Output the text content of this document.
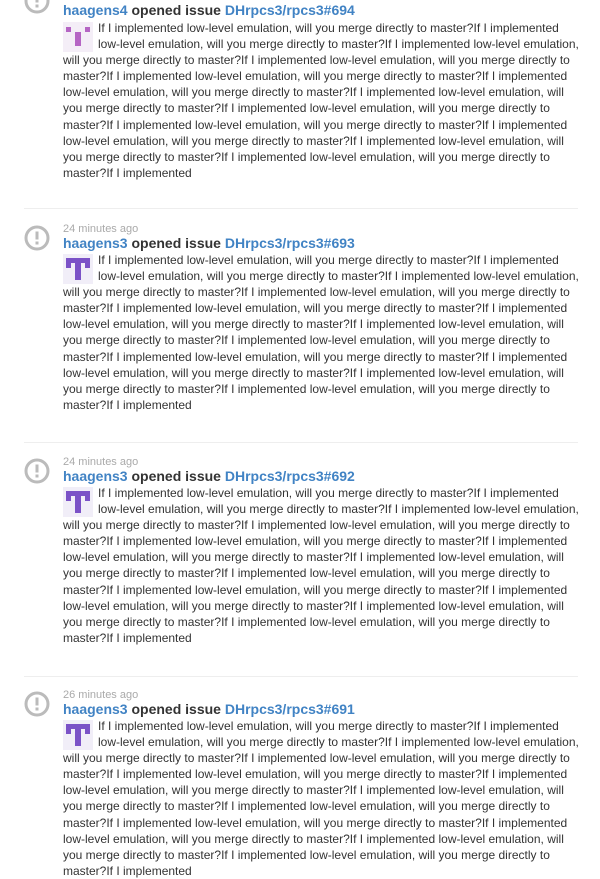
haagens4 opened issue DHrpcs3/rpcs3#694
If I implemented low-level emulation, will you merge directly to master?If I implemented low-level emulation, will you merge directly to master?If I implemented low-level emulation, will you merge directly to master?If I implemented low-level emulation, will you merge directly to master?If I implemented low-level emulation, will you merge directly to master?If I implemented low-level emulation, will you merge directly to master?If I implemented low-level emulation, will you merge directly to master?If I implemented low-level emulation, will you merge directly to master?If I implemented low-level emulation, will you merge directly to master?If I implemented low-level emulation, will you merge directly to master?If I implemented low-level emulation, will you merge directly to master?If I implemented low-level emulation, will you merge directly to master?If I implemented
24 minutes ago
haagens3 opened issue DHrpcs3/rpcs3#693
If I implemented low-level emulation, will you merge directly to master?If I implemented low-level emulation, will you merge directly to master?If I implemented low-level emulation, will you merge directly to master?If I implemented low-level emulation, will you merge directly to master?If I implemented low-level emulation, will you merge directly to master?If I implemented low-level emulation, will you merge directly to master?If I implemented low-level emulation, will you merge directly to master?If I implemented low-level emulation, will you merge directly to master?If I implemented low-level emulation, will you merge directly to master?If I implemented low-level emulation, will you merge directly to master?If I implemented low-level emulation, will you merge directly to master?If I implemented low-level emulation, will you merge directly to master?If I implemented
24 minutes ago
haagens3 opened issue DHrpcs3/rpcs3#692
If I implemented low-level emulation, will you merge directly to master?If I implemented low-level emulation, will you merge directly to master?If I implemented low-level emulation, will you merge directly to master?If I implemented low-level emulation, will you merge directly to master?If I implemented low-level emulation, will you merge directly to master?If I implemented low-level emulation, will you merge directly to master?If I implemented low-level emulation, will you merge directly to master?If I implemented low-level emulation, will you merge directly to master?If I implemented low-level emulation, will you merge directly to master?If I implemented low-level emulation, will you merge directly to master?If I implemented low-level emulation, will you merge directly to master?If I implemented low-level emulation, will you merge directly to master?If I implemented
26 minutes ago
haagens3 opened issue DHrpcs3/rpcs3#691
If I implemented low-level emulation, will you merge directly to master?If I implemented low-level emulation, will you merge directly to master?If I implemented low-level emulation, will you merge directly to master?If I implemented low-level emulation, will you merge directly to master?If I implemented low-level emulation, will you merge directly to master?If I implemented low-level emulation, will you merge directly to master?If I implemented low-level emulation, will you merge directly to master?If I implemented low-level emulation, will you merge directly to master?If I implemented low-level emulation, will you merge directly to master?If I implemented low-level emulation, will you merge directly to master?If I implemented low-level emulation, will you merge directly to master?If I implemented low-level emulation, will you merge directly to master?If I implemented
